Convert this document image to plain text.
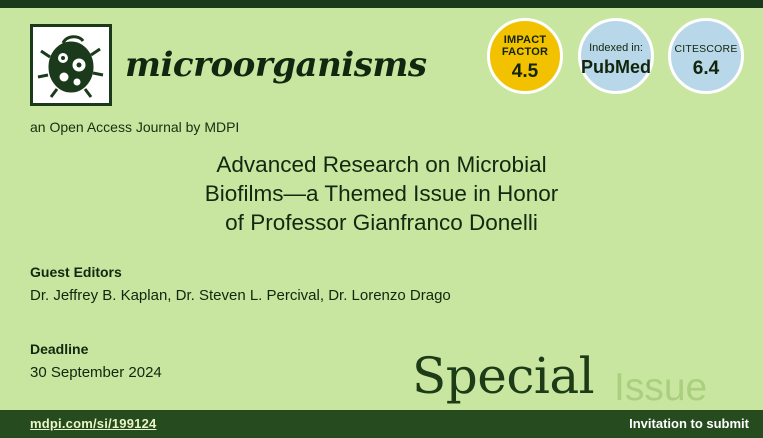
microorganisms
an Open Access Journal by MDPI
IMPACT
FACTOR
4.5
Indexed in:
PubMed
CITESCORE
6.4
Advanced Research on Microbial
Biofilms—a Themed Issue in Honor
of Professor Gianfranco Donelli
Guest Editors
Dr. Jeffrey B. Kaplan, Dr. Steven L. Percival, Dr. Lorenzo Drago
Deadline
30 September 2024	Issue
Special
mdpi.com/si/199124	Invitation to submit
